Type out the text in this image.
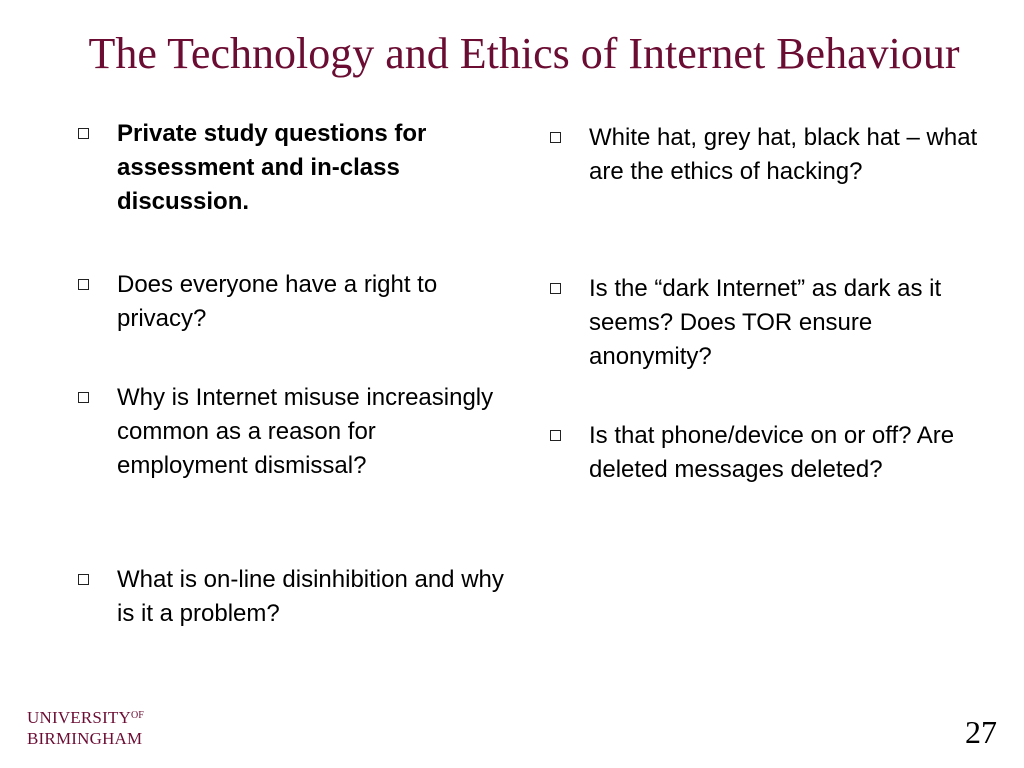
The Technology and Ethics of Internet Behaviour
Private study questions for assessment and in-class discussion.
Does everyone have a right to privacy?
Why is Internet misuse increasingly common as a reason for employment dismissal?
What is on-line disinhibition and why is it a problem?
White hat, grey hat, black hat – what are the ethics of hacking?
Is the “dark Internet” as dark as it seems? Does TOR ensure anonymity?
Is that phone/device on or off? Are deleted messages deleted?
$UNIVERSITY^{OF}$
BIRMINGHAM	27
